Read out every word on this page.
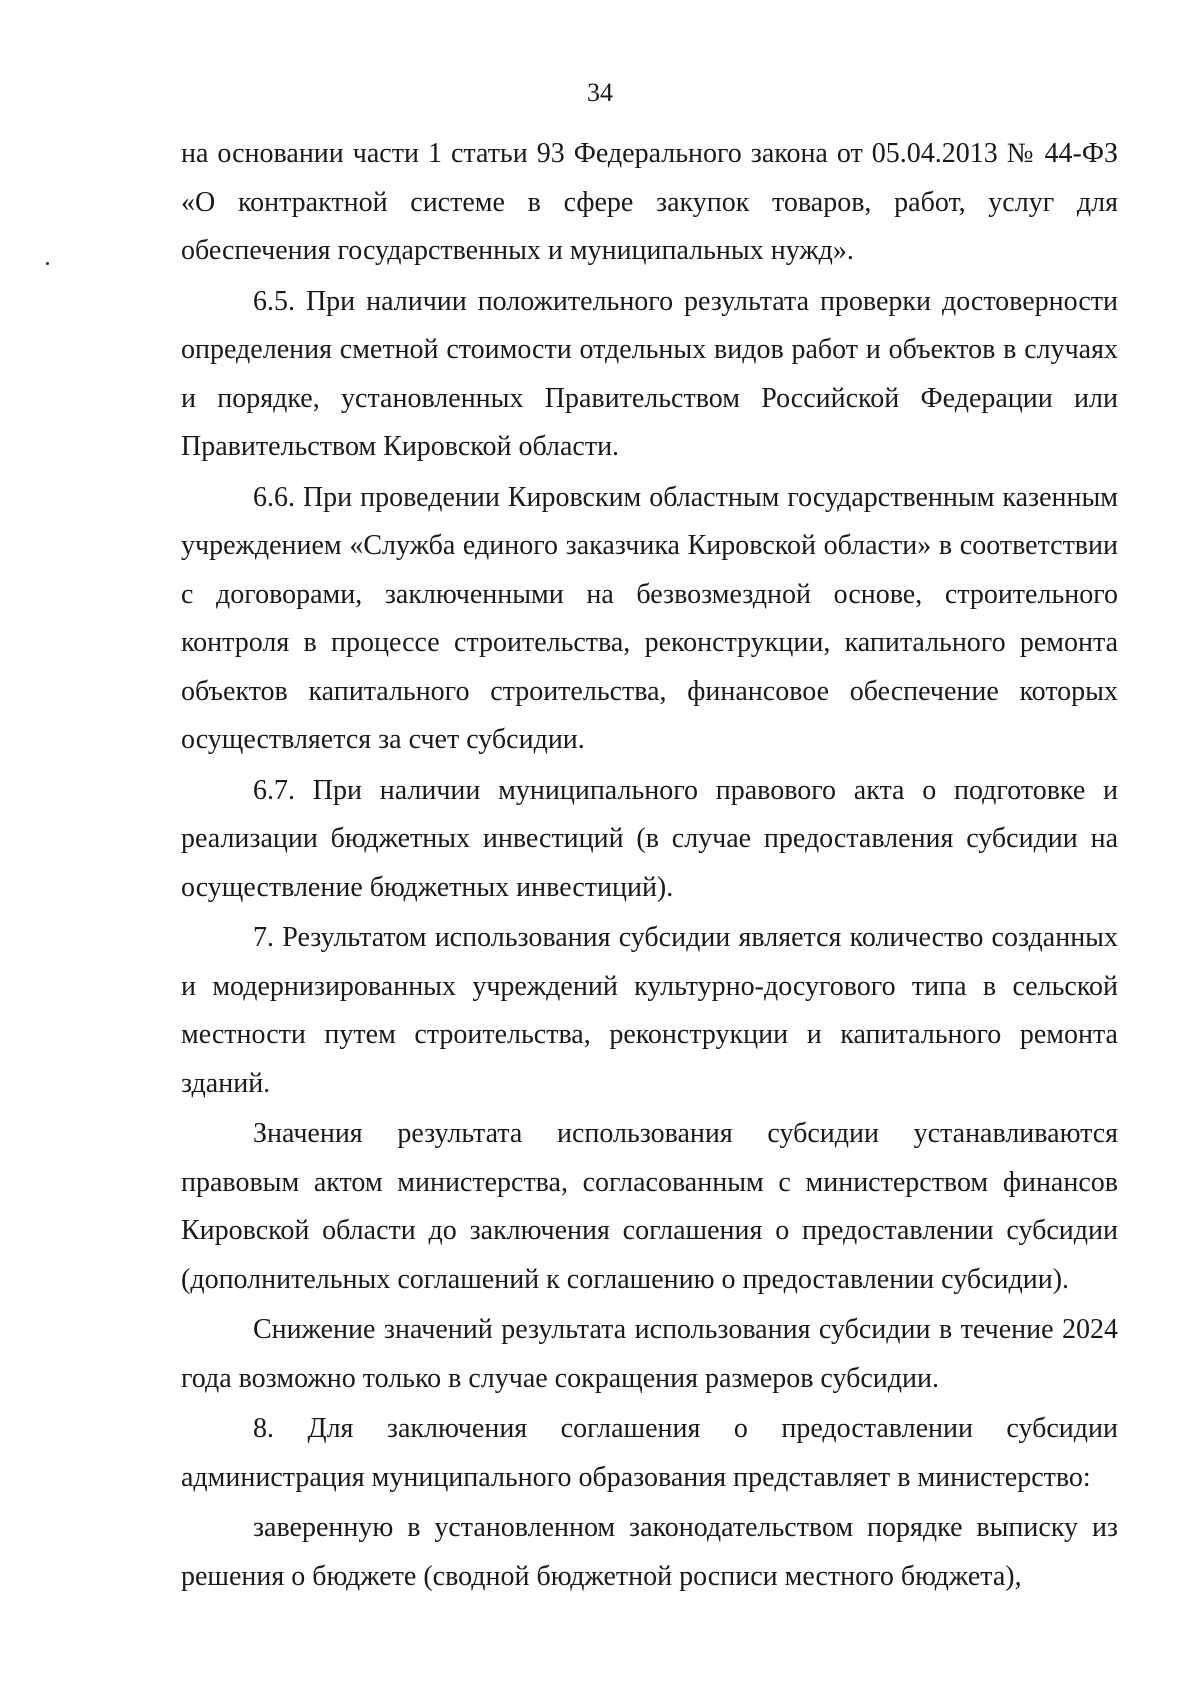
34

на основании части 1 статьи 93 Федерального закона от 05.04.2013 № 44-ФЗ «О контрактной системе в сфере закупок товаров, работ, услуг для обеспечения государственных и муниципальных нужд».

6.5. При наличии положительного результата проверки достоверности определения сметной стоимости отдельных видов работ и объектов в случаях и порядке, установленных Правительством Российской Федерации или Правительством Кировской области.

6.6. При проведении Кировским областным государственным казенным учреждением «Служба единого заказчика Кировской области» в соответствии с договорами, заключенными на безвозмездной основе, строительного контроля в процессе строительства, реконструкции, капитального ремонта объектов капитального строительства, финансовое обеспечение которых осуществляется за счет субсидии.

6.7. При наличии муниципального правового акта о подготовке и реализации бюджетных инвестиций (в случае предоставления субсидии на осуществление бюджетных инвестиций).

7. Результатом использования субсидии является количество созданных и модернизированных учреждений культурно-досугового типа в сельской местности путем строительства, реконструкции и капитального ремонта зданий.

Значения результата использования субсидии устанавливаются правовым актом министерства, согласованным с министерством финансов Кировской области до заключения соглашения о предоставлении субсидии (дополнительных соглашений к соглашению о предоставлении субсидии).

Снижение значений результата использования субсидии в течение 2024 года возможно только в случае сокращения размеров субсидии.

8. Для заключения соглашения о предоставлении субсидии администрация муниципального образования представляет в министерство:

заверенную в установленном законодательством порядке выписку из решения о бюджете (сводной бюджетной росписи местного бюджета),
